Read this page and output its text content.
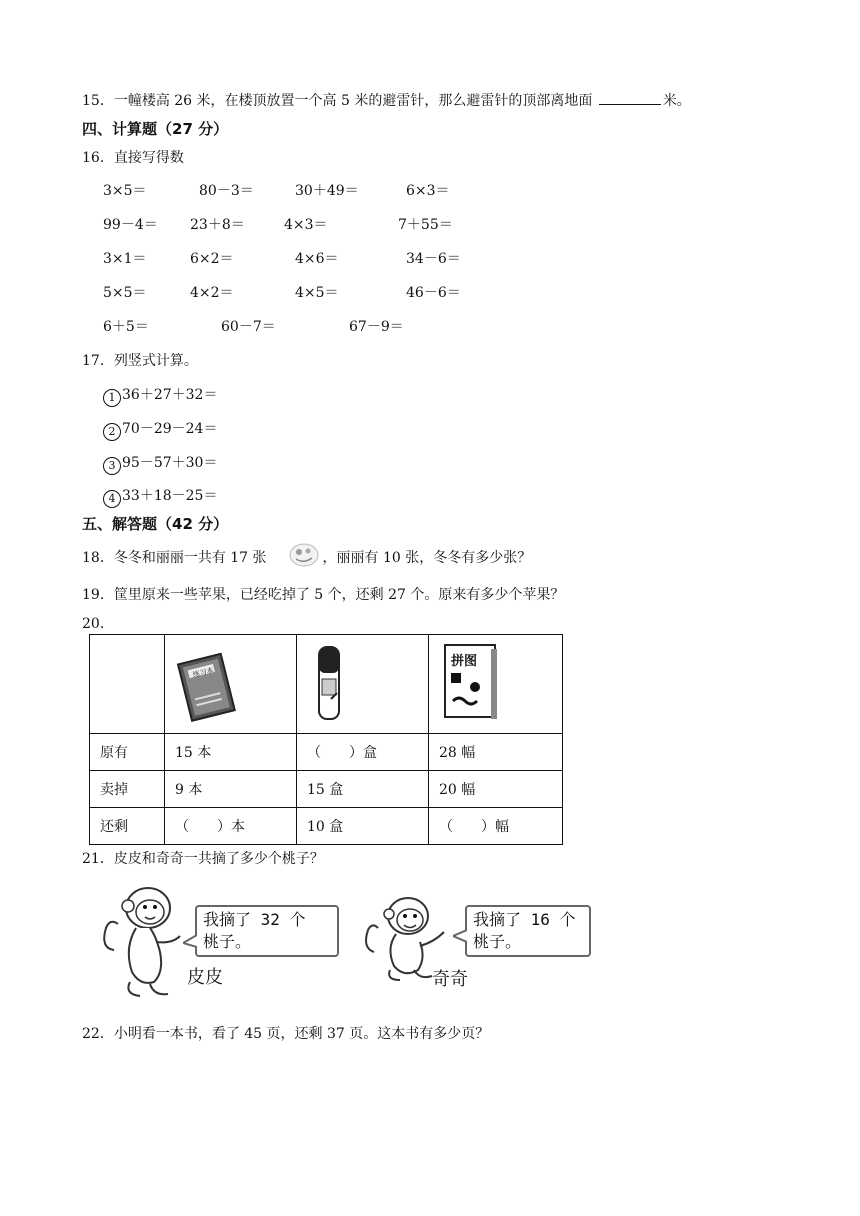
15．一幢楼高 26 米，在楼顶放置一个高 5 米的避雷针，那么避雷针的顶部离地面	米。
四、计算题（27 分）
16．直接写得数
3×5＝	80－3＝	30＋49＝	6×3＝
99－4＝ 23＋8＝	4×3＝	7＋55＝
3×1＝	6×2＝	4×6＝	34－6＝
5×5＝	4×2＝	4×5＝	46－6＝
6＋5＝	60－7＝	67－9＝
17．列竖式计算。
1 36＋27＋32＝
2 70－29－24＝
3 95－57＋30＝
4 33＋18－25＝
五、解答题（42 分）
18．冬冬和丽丽一共有 17 张	，丽丽有 10 张，冬冬有多少张？
19．筐里原来一些苹果，已经吃掉了 5 个，还剩 27 个。原来有多少个苹果？
20．

练习本		拼图

原有	15 本	（　　）盒	28 幅
卖掉	9 本	15 盒	20 幅
还剩	（　　）本	10 盒	（　　）幅
21．皮皮和奇奇一共摘了多少个桃子？
我摘了 32 个
桃子。
皮皮
我摘了 16 个
桃子。
奇奇
22．小明看一本书，看了 45 页，还剩 37 页。这本书有多少页？
